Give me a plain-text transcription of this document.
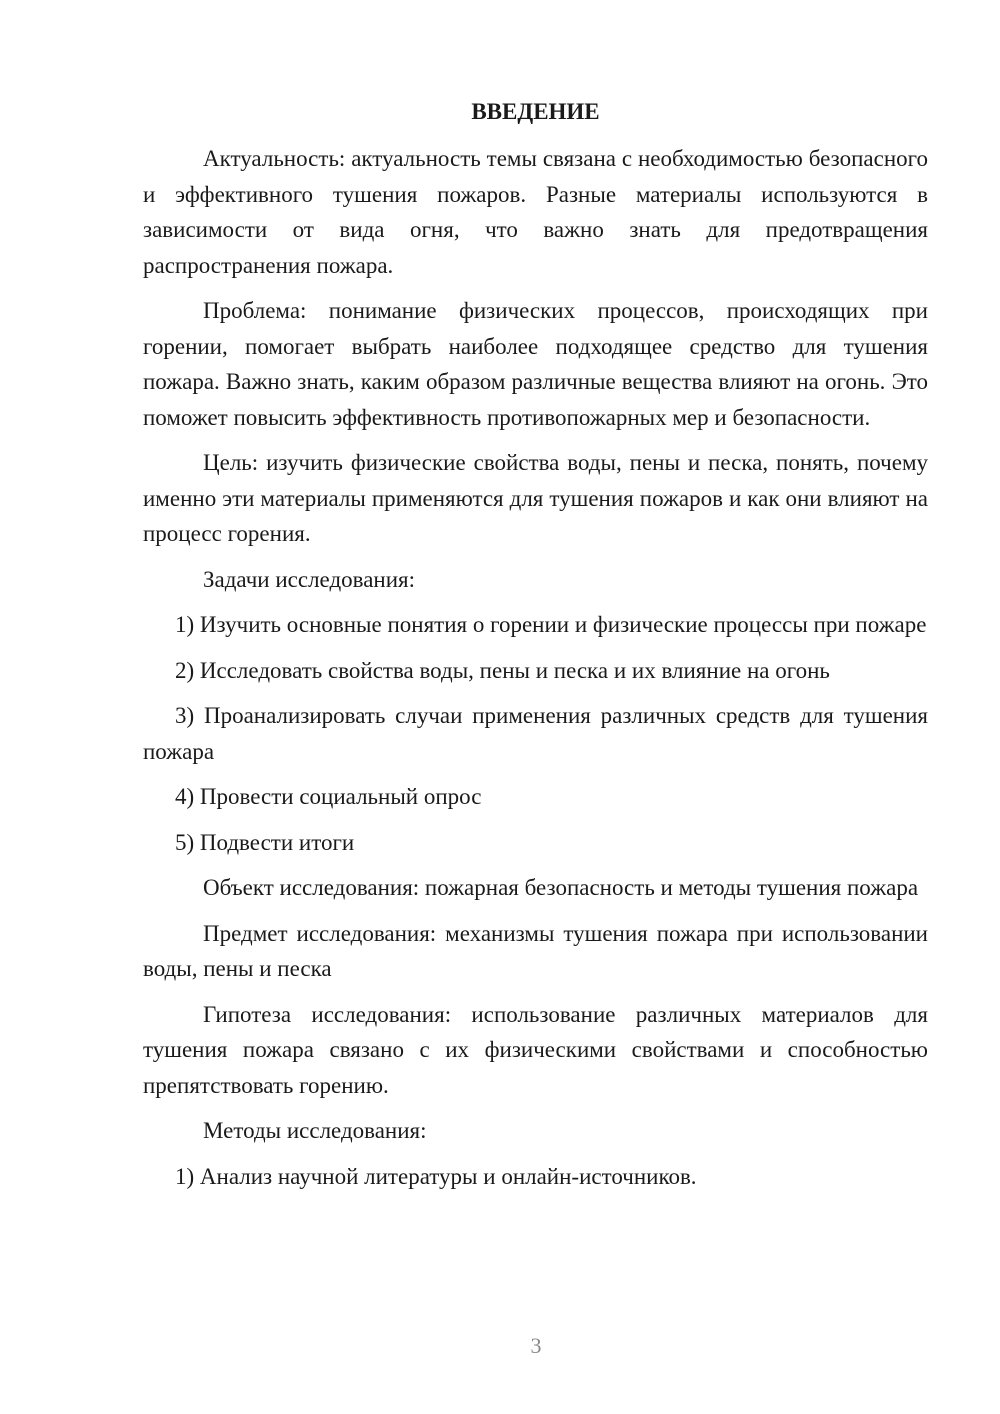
ВВЕДЕНИЕ

Актуальность: актуальность темы связана с необходимостью безопасного и эффективного тушения пожаров. Разные материалы используются в зависимости от вида огня, что важно знать для предотвращения распространения пожара.

Проблема: понимание физических процессов, происходящих при горении, помогает выбрать наиболее подходящее средство для тушения пожара. Важно знать, каким образом различные вещества влияют на огонь. Это поможет повысить эффективность противопожарных мер и безопасности.

Цель: изучить физические свойства воды, пены и песка, понять, почему именно эти материалы применяются для тушения пожаров и как они влияют на процесс горения.

Задачи исследования:

1) Изучить основные понятия о горении и физические процессы при пожаре

2) Исследовать свойства воды, пены и песка и их влияние на огонь

3) Проанализировать случаи применения различных средств для тушения пожара

4) Провести социальный опрос

5) Подвести итоги

Объект исследования: пожарная безопасность и методы тушения пожара

Предмет исследования: механизмы тушения пожара при использовании воды, пены и песка

Гипотеза исследования: использование различных материалов для тушения пожара связано с их физическими свойствами и способностью препятствовать горению.

Методы исследования:

1) Анализ научной литературы и онлайн-источников.

3
